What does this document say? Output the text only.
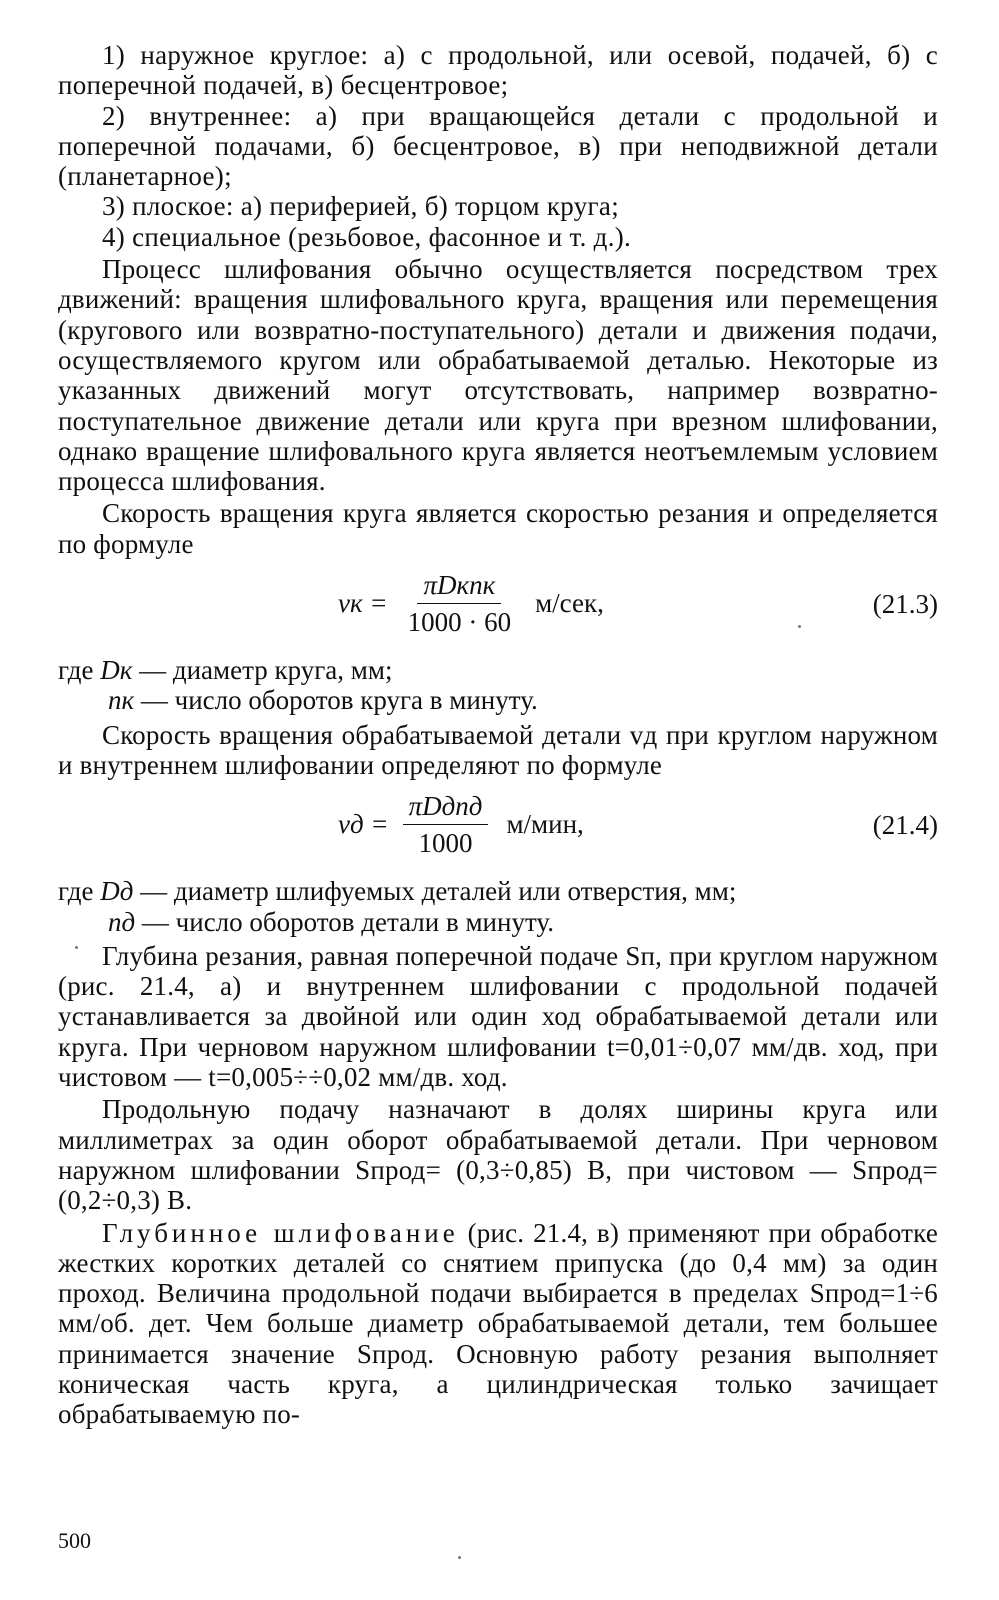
1) наружное круглое: а) с продольной, или осевой, подачей, б) с поперечной подачей, в) бесцентровое;

2) внутреннее: а) при вращающейся детали с продольной и поперечной подачами, б) бесцентровое, в) при неподвижной детали (планетарное);

3) плоское: а) периферией, б) торцом круга;

4) специальное (резьбовое, фасонное и т. д.).

Процесс шлифования обычно осуществляется посредством трех движений: вращения шлифовального круга, вращения или перемещения (кругового или возвратно-поступательного) детали и движения подачи, осуществляемого кругом или обрабатываемой деталью. Некоторые из указанных движений могут отсутствовать, например возвратно-поступательное движение детали или круга при врезном шлифовании, однако вращение шлифовального круга является неотъемлемым условием процесса шлифования.

Скорость вращения круга является скоростью резания и определяется по формуле

vк = $\frac{\text{πDкnк}}{1000 \cdot 60} м/сек$,	(21.3)

где Dк — диаметр круга, мм;

nк — число оборотов круга в минуту.

Скорость вращения обрабатываемой детали vд при круглом наружном и внутреннем шлифовании определяют по формуле

vд = $\frac{\text{πDдnд}}{1000} м/мин$,	(21.4)

где Dд — диаметр шлифуемых деталей или отверстия, мм;

nд — число оборотов детали в минуту.

Глубина резания, равная поперечной подаче Sп, при круглом наружном (рис. 21.4, а) и внутреннем шлифовании с продольной подачей устанавливается за двойной или один ход обрабатываемой детали или круга. При черновом наружном шлифовании t=0,01÷0,07 мм/дв. ход, при чистовом — t=0,005÷÷0,02 мм/дв. ход.

Продольную подачу назначают в долях ширины круга или миллиметрах за один оборот обрабатываемой детали. При черновом наружном шлифовании Sпрод= (0,3÷0,85) B, при чистовом — Sпрод= (0,2÷0,3) B.

Глубинное шлифование (рис. 21.4, в) применяют при обработке жестких коротких деталей со снятием припуска (до 0,4 мм) за один проход. Величина продольной подачи выбирается в пределах Sпрод=1÷6 мм/об. дет. Чем больше диаметр обрабатываемой детали, тем большее принимается значение Sпрод. Основную работу резания выполняет коническая часть круга, а цилиндрическая только зачищает обрабатываемую по-

500
